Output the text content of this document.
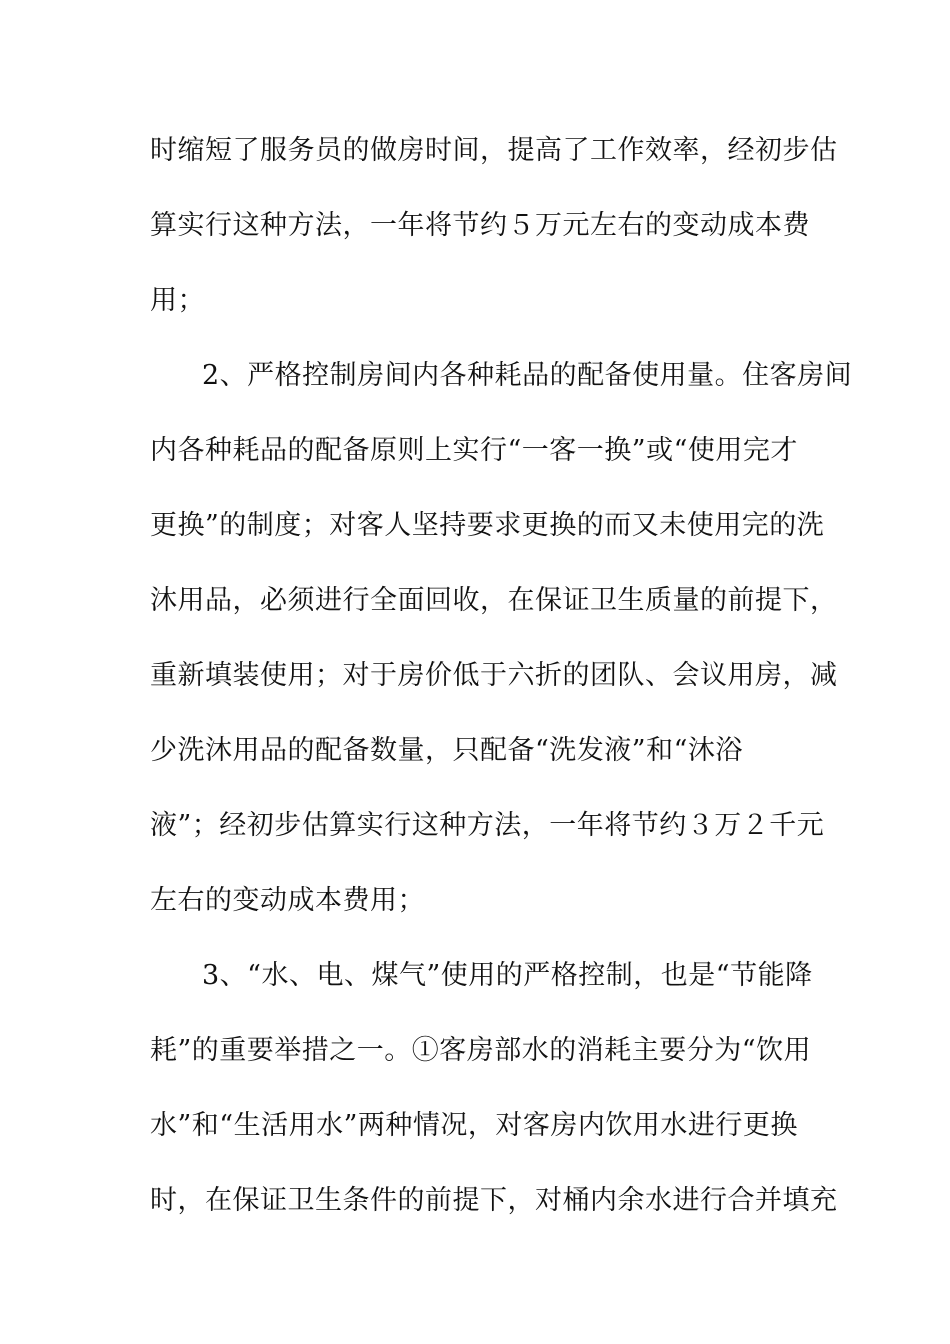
时缩短了服务员的做房时间，提高了工作效率，经初步估
算实行这种方法，一年将节约５万元左右的变动成本费
用；
2、严格控制房间内各种耗品的配备使用量。住客房间
内各种耗品的配备原则上实行“一客一换”或“使用完才
更换”的制度；对客人坚持要求更换的而又未使用完的洗
沐用品，必须进行全面回收，在保证卫生质量的前提下，
重新填装使用；对于房价低于六折的团队、会议用房，减
少洗沐用品的配备数量，只配备“洗发液”和“沐浴
液”；经初步估算实行这种方法，一年将节约３万２千元
左右的变动成本费用；
3、“水、电、煤气”使用的严格控制，也是“节能降
耗”的重要举措之一。①客房部水的消耗主要分为“饮用
水”和“生活用水”两种情况，对客房内饮用水进行更换
时，在保证卫生条件的前提下，对桶内余水进行合并填充
